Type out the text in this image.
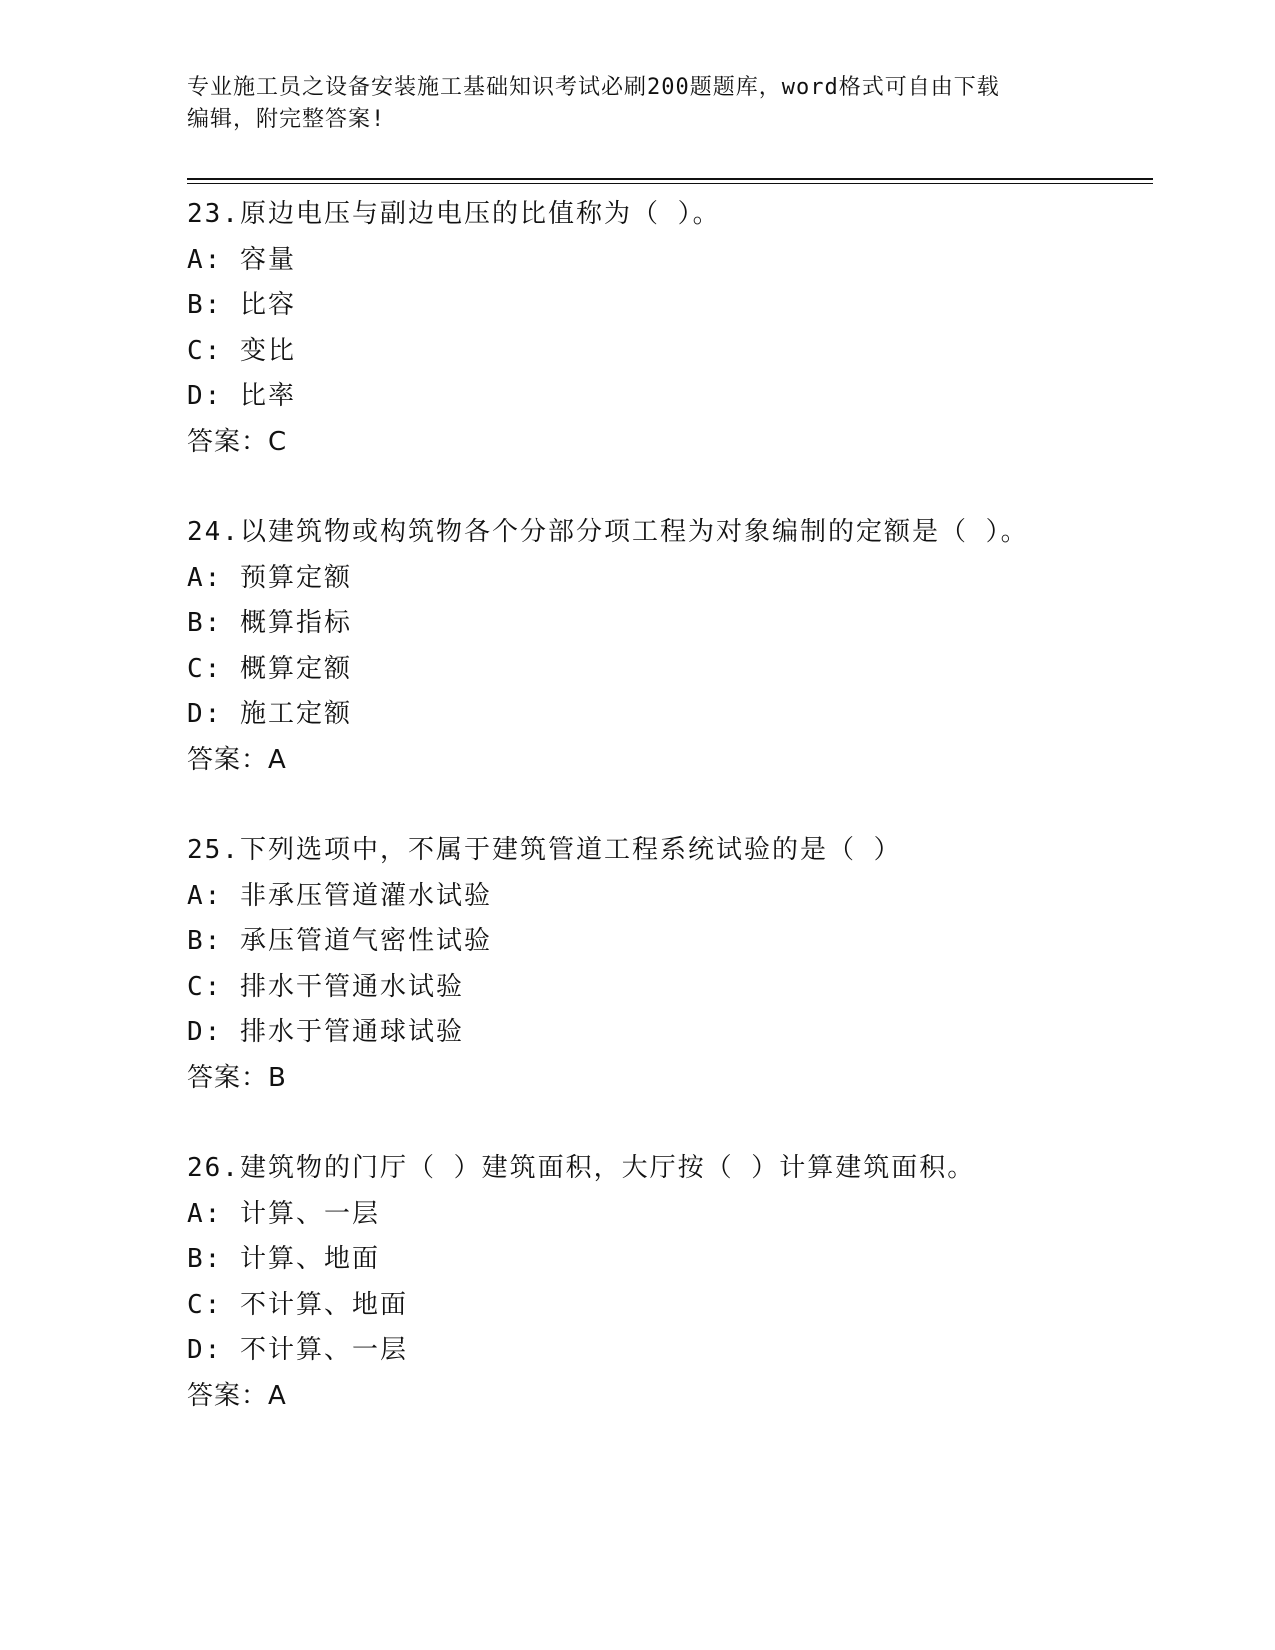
专业施工员之设备安装施工基础知识考试必刷200题题库，word格式可自由下载
编辑，附完整答案!
23.原边电压与副边电压的比值称为（ ）。
A: 容量
B: 比容
C: 变比
D: 比率
答案：C
24.以建筑物或构筑物各个分部分项工程为对象编制的定额是（ ）。
A: 预算定额
B: 概算指标
C: 概算定额
D: 施工定额
答案：A
25.下列选项中，不属于建筑管道工程系统试验的是（ ）
A: 非承压管道灌水试验
B: 承压管道气密性试验
C: 排水干管通水试验
D: 排水于管通球试验
答案：B
26.建筑物的门厅（ ）建筑面积，大厅按（ ）计算建筑面积。
A: 计算、一层
B: 计算、地面
C: 不计算、地面
D: 不计算、一层
答案：A
